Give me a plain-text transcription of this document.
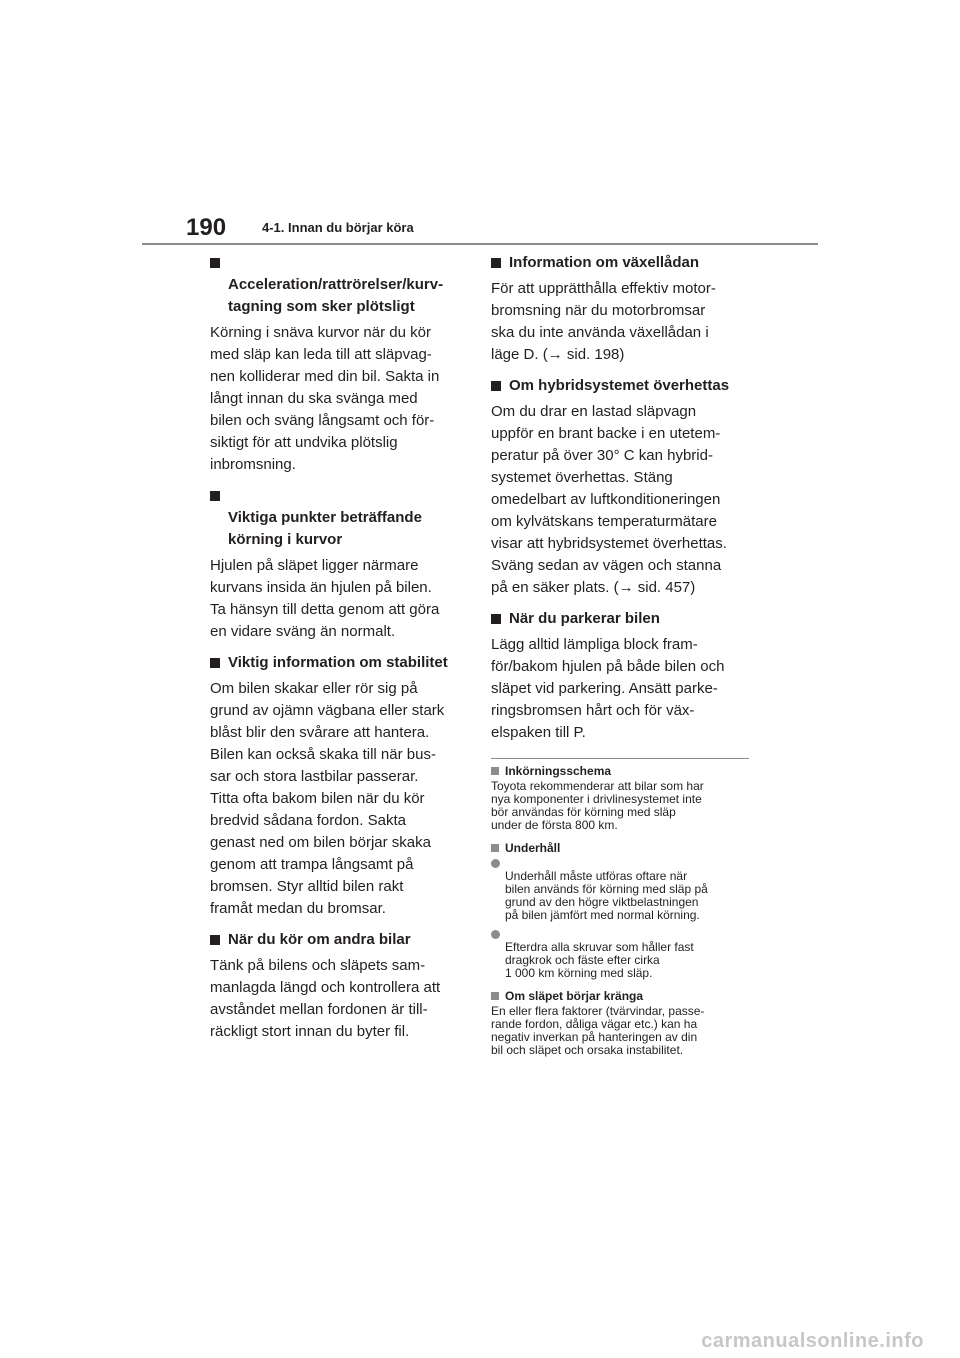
190	4-1. Innan du börjar köra

Acceleration/rattrörelser/kurv-
tagning som sker plötsligt

Körning i snäva kurvor när du kör
med släp kan leda till att släpvag-
nen kolliderar med din bil. Sakta in
långt innan du ska svänga med
bilen och sväng långsamt och för-
siktigt för att undvika plötslig
inbromsning.

Viktiga punkter beträffande
körning i kurvor

Hjulen på släpet ligger närmare
kurvans insida än hjulen på bilen.
Ta hänsyn till detta genom att göra
en vidare sväng än normalt.

Viktig information om stabilitet

Om bilen skakar eller rör sig på
grund av ojämn vägbana eller stark
blåst blir den svårare att hantera.
Bilen kan också skaka till när bus-
sar och stora lastbilar passerar.
Titta ofta bakom bilen när du kör
bredvid sådana fordon. Sakta
genast ned om bilen börjar skaka
genom att trampa långsamt på
bromsen. Styr alltid bilen rakt
framåt medan du bromsar.

När du kör om andra bilar

Tänk på bilens och släpets sam-
manlagda längd och kontrollera att
avståndet mellan fordonen är till-
räckligt stort innan du byter fil.

Information om växellådan

För att upprätthålla effektiv motor-
bromsning när du motorbromsar
ska du inte använda växellådan i
läge D. (→ sid. 198)

Om hybridsystemet överhettas

Om du drar en lastad släpvagn
uppför en brant backe i en utetem-
peratur på över 30° C kan hybrid-
systemet överhettas. Stäng
omedelbart av luftkonditioneringen
om kylvätskans temperaturmätare
visar att hybridsystemet överhettas.
Sväng sedan av vägen och stanna
på en säker plats. (→ sid. 457)

När du parkerar bilen

Lägg alltid lämpliga block fram-
för/bakom hjulen på både bilen och
släpet vid parkering. Ansätt parke-
ringsbromsen hårt och för väx-
elspaken till P.

Inkörningsschema

Toyota rekommenderar att bilar som har
nya komponenter i drivlinesystemet inte
bör användas för körning med släp
under de första 800 km.

Underhåll

Underhåll måste utföras oftare när
bilen används för körning med släp på
grund av den högre viktbelastningen
på bilen jämfört med normal körning.

Efterdra alla skruvar som håller fast
dragkrok och fäste efter cirka
1 000 km körning med släp.

Om släpet börjar kränga

En eller flera faktorer (tvärvindar, passe-
rande fordon, dåliga vägar etc.) kan ha
negativ inverkan på hanteringen av din
bil och släpet och orsaka instabilitet.

carmanualsonline.info
